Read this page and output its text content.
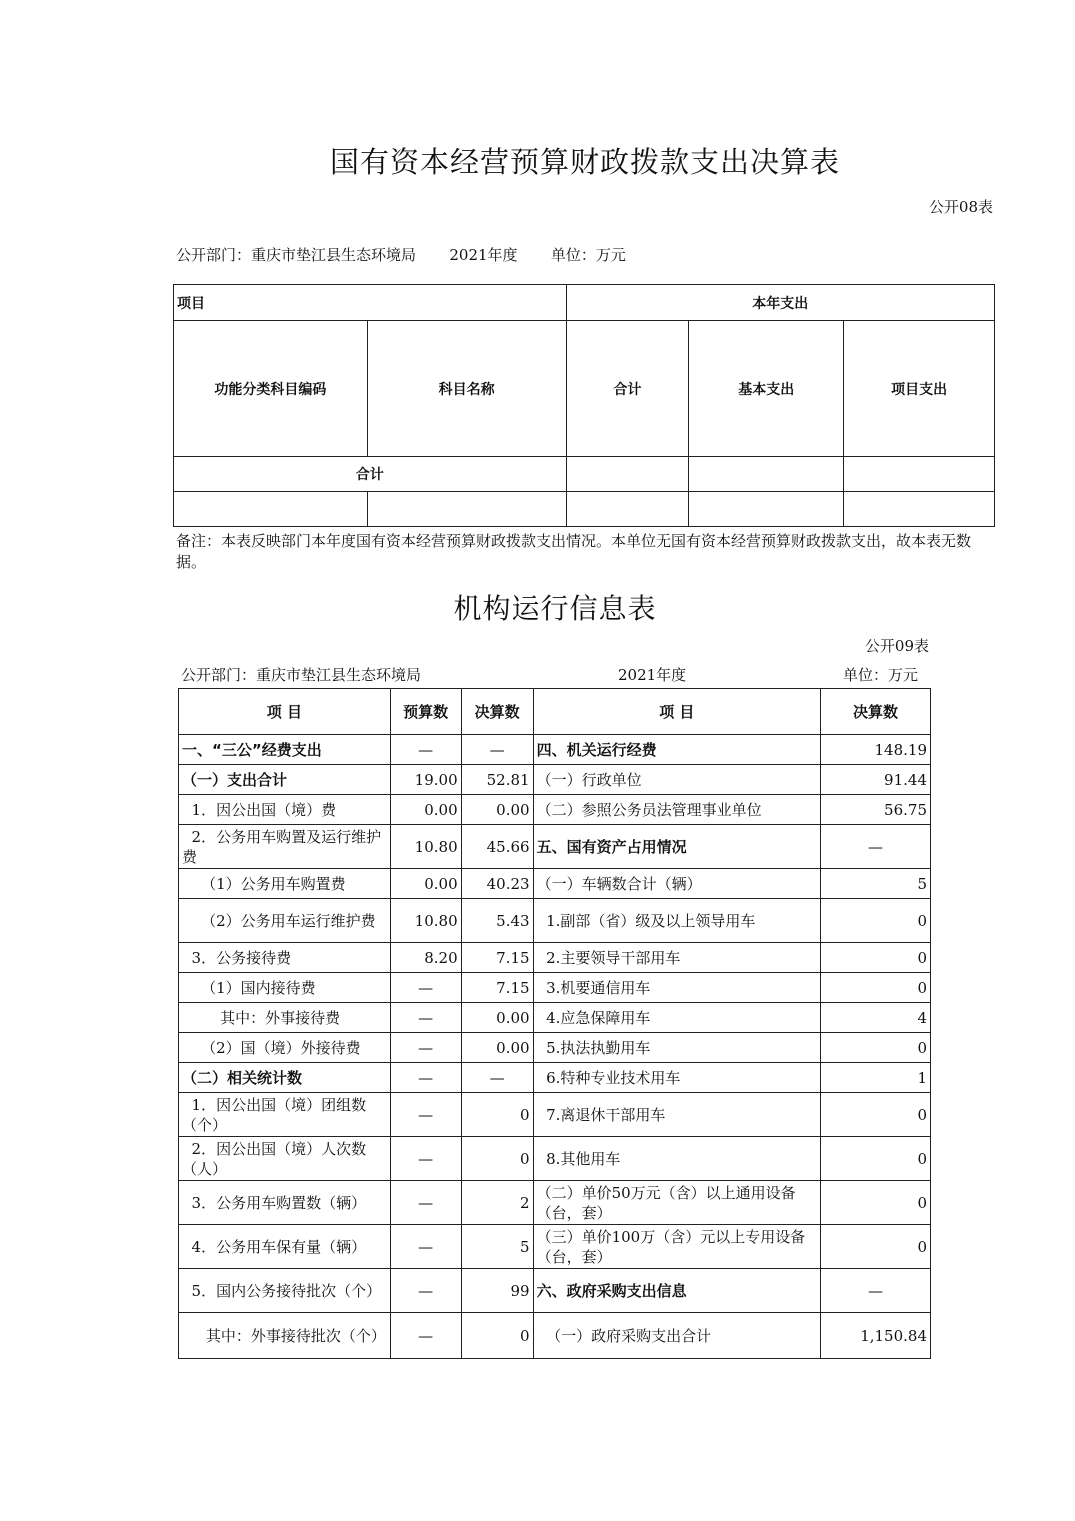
国有资本经营预算财政拨款支出决算表
公开08表
公开部门：重庆市垫江县生态环境局       2021年度       单位：万元
项目		本年支出		
功能分类科目编码	科目名称	合计	基本支出	项目支出
合计				

备注：本表反映部门本年度国有资本经营预算财政拨款支出情况。本单位无国有资本经营预算财政拨款支出，故本表无数据。
机构运行信息表
公开09表
公开部门：重庆市垫江县生态环境局	2021年度	单位：万元
项 目	预算数	决算数	项 目	决算数
一、“三公”经费支出	—	—	四、机关运行经费	148.19
（一）支出合计	19.00	52.81	（一）行政单位	91.44
1．因公出国（境）费	0.00	0.00	（二）参照公务员法管理事业单位	56.75
2．公务用车购置及运行维护费	10.80	45.66	五、国有资产占用情况	—
（1）公务用车购置费	0.00	40.23	（一）车辆数合计（辆）	5
（2）公务用车运行维护费	10.80	5.43	1.副部（省）级及以上领导用车	0
3．公务接待费	8.20	7.15	2.主要领导干部用车	0
（1）国内接待费	—	7.15	3.机要通信用车	0
其中：外事接待费	—	0.00	4.应急保障用车	4
（2）国（境）外接待费	—	0.00	5.执法执勤用车	0
（二）相关统计数	—	—	6.特种专业技术用车	1
1．因公出国（境）团组数（个）	—	0	7.离退休干部用车	0
2．因公出国（境）人次数（人）	—	0	8.其他用车	0
3．公务用车购置数（辆）	—	2	（二）单价50万元（含）以上通用设备（台，套）	0
4．公务用车保有量（辆）	—	5	（三）单价100万（含）元以上专用设备（台，套）	0
5．国内公务接待批次（个）	—	99	六、政府采购支出信息	—
其中：外事接待批次（个）	—	0	（一）政府采购支出合计	1,150.84
